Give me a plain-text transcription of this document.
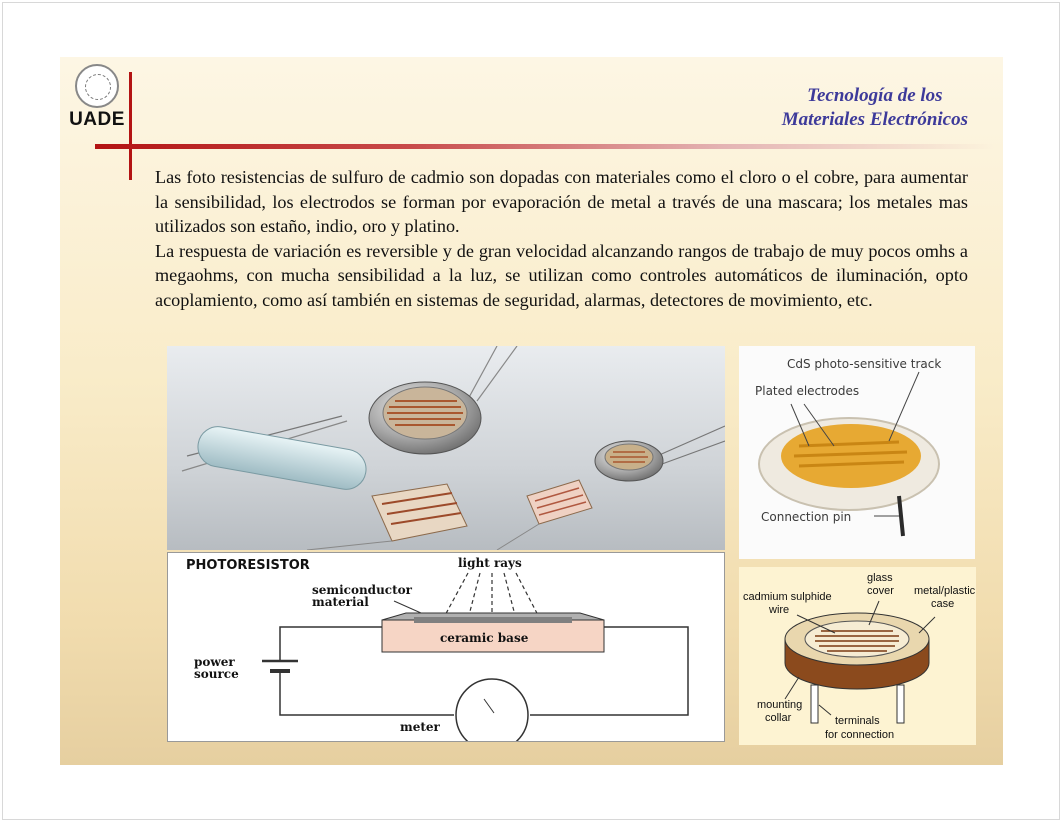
UADE
Tecnología de los
Materiales Electrónicos

Las foto resistencias de sulfuro de cadmio son dopadas con materiales como el cloro o el cobre, para aumentar la sensibilidad, los electrodos se forman por evaporación de metal a través de una mascara; los metales mas utilizados son estaño, indio, oro y platino.

La respuesta de variación es reversible y de gran velocidad alcanzando rangos de trabajo de muy pocos omhs a megaohms, con mucha sensibilidad a la luz, se utilizan como controles automáticos de iluminación, opto acoplamiento, como así también en sistemas de seguridad, alarmas, detectores de movimiento, etc.

CdS photo-sensitive track
Plated electrodes
Connection pin
PHOTORESISTOR	light rays
semiconductor
material
ceramic base
power
source
meter
glass
cover
cadmium sulphide
wire
metal/plastic
case
mounting
collar	terminals
for connection
